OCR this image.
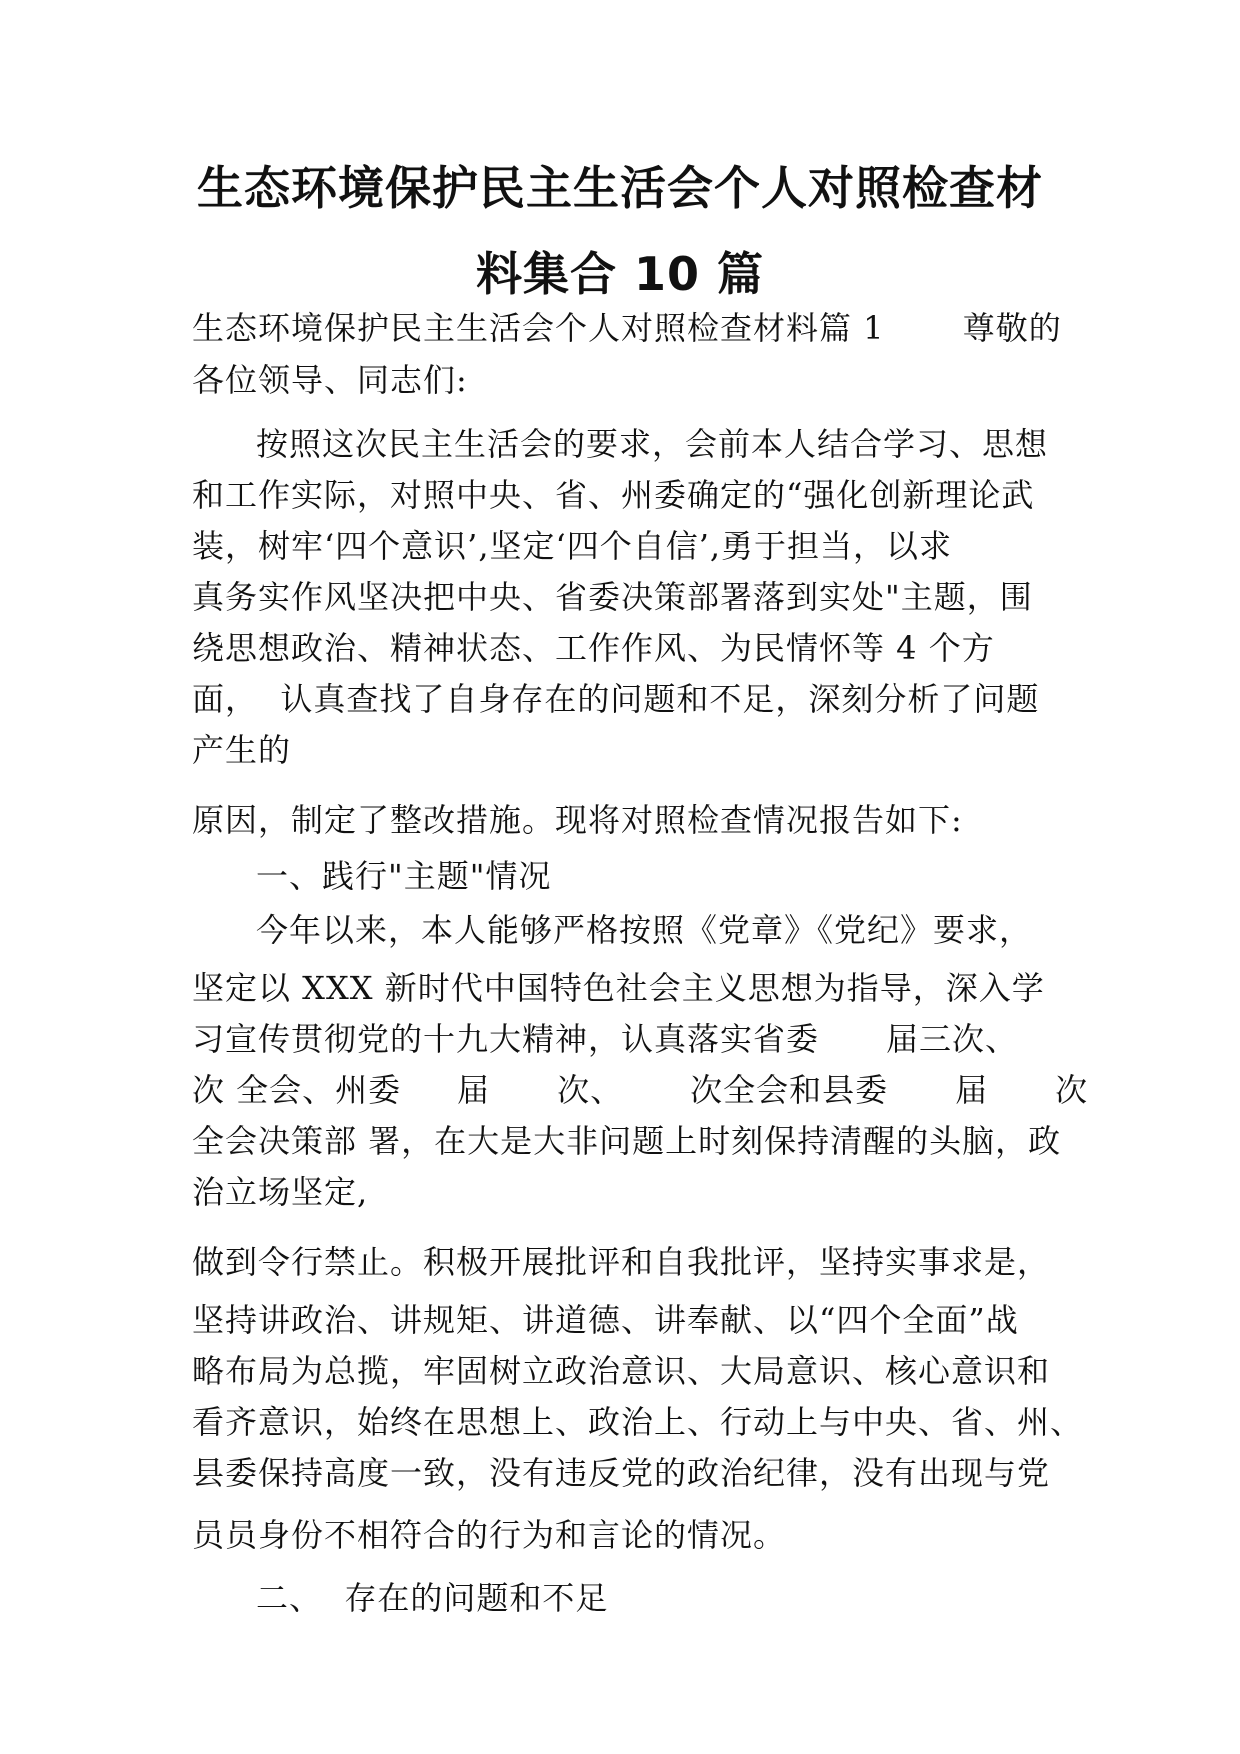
生态环境保护民主生活会个人对照检查材
料集合 10 篇

生态环境保护民主生活会个人对照检查材料篇 1       尊敬的

各位领导、同志们:

按照这次民主生活会的要求，会前本人结合学习、思想

和工作实际，对照中央、省、州委确定的“强化创新理论武

装，树牢‘四个意识’,坚定‘四个自信’,勇于担当，以求

真务实作风坚决把中央、省委决策部署落到实处"主题，围

绕思想政治、精神状态、工作作风、为民情怀等 4 个方

面，  认真查找了自身存在的问题和不足，深刻分析了问题

产生的

原因，制定了整改措施。现将对照检查情况报告如下:

一、践行"主题"情况

今年以来，本人能够严格按照《党章》《党纪》要求，

坚定以 XXX 新时代中国特色社会主义思想为指导，深入学

习宣传贯彻党的十九大精神，认真落实省委      届三次、

次 全会、州委     届      次、      次全会和县委      届      次

全会决策部 署，在大是大非问题上时刻保持清醒的头脑，政

治立场坚定,

做到令行禁止。积极开展批评和自我批评，坚持实事求是，

坚持讲政治、讲规矩、讲道德、讲奉献、以“四个全面”战

略布局为总揽，牢固树立政治意识、大局意识、核心意识和

看齐意识，始终在思想上、政治上、行动上与中央、省、州、

县委保持高度一致，没有违反党的政治纪律，没有出现与党

员员身份不相符合的行为和言论的情况。

二、  存在的问题和不足
